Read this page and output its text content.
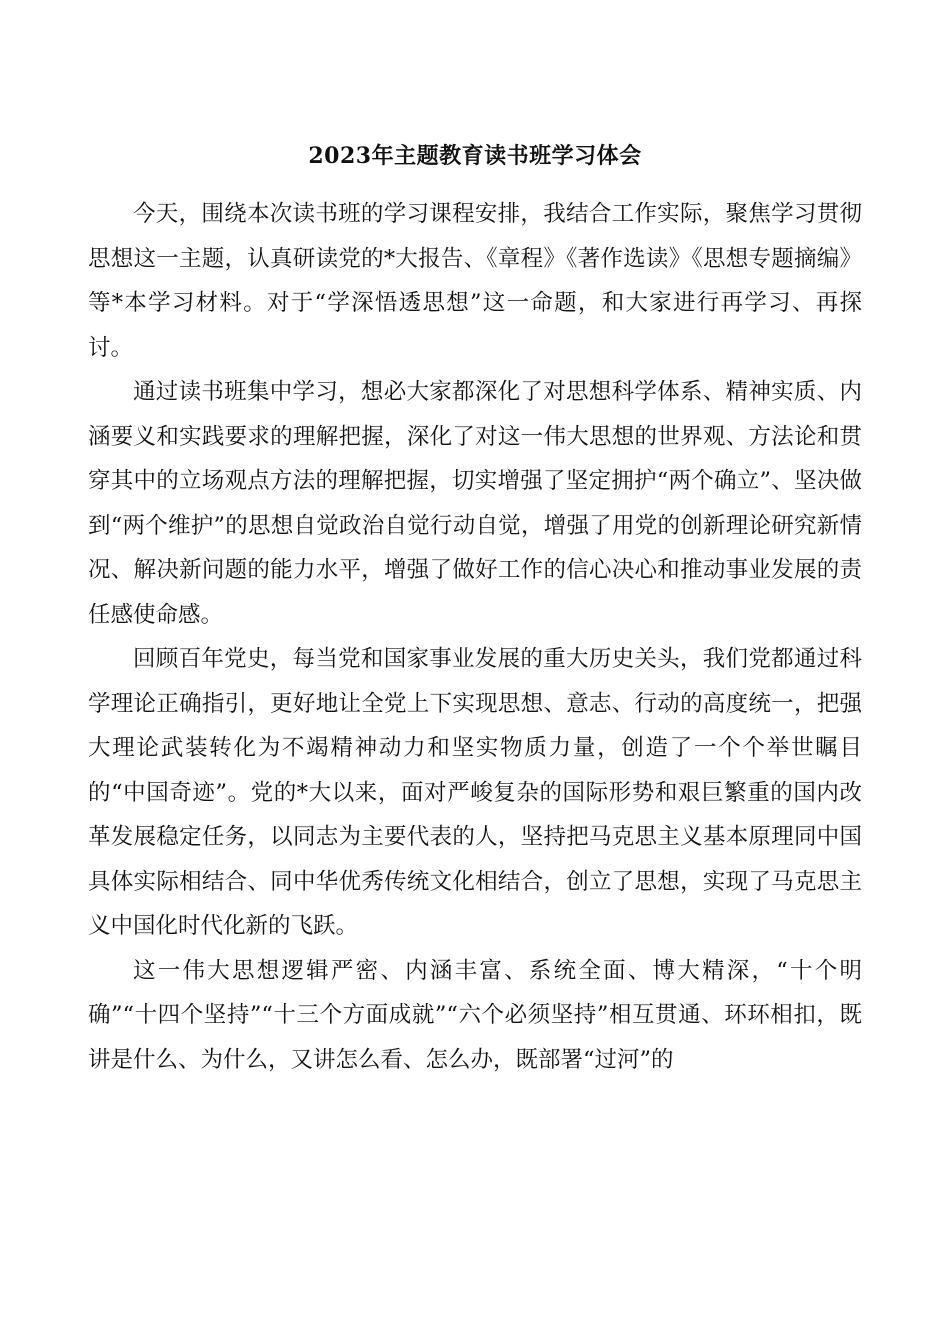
2023年主题教育读书班学习体会

今天，围绕本次读书班的学习课程安排，我结合工作实际，聚焦学习贯彻思想这一主题，认真研读党的*大报告、《章程》《著作选读》《思想专题摘编》等*本学习材料。对于“学深悟透思想”这一命题，和大家进行再学习、再探讨。

通过读书班集中学习，想必大家都深化了对思想科学体系、精神实质、内涵要义和实践要求的理解把握，深化了对这一伟大思想的世界观、方法论和贯穿其中的立场观点方法的理解把握，切实增强了坚定拥护“两个确立”、坚决做到“两个维护”的思想自觉政治自觉行动自觉，增强了用党的创新理论研究新情况、解决新问题的能力水平，增强了做好工作的信心决心和推动事业发展的责任感使命感。

回顾百年党史，每当党和国家事业发展的重大历史关头，我们党都通过科学理论正确指引，更好地让全党上下实现思想、意志、行动的高度统一，把强大理论武装转化为不竭精神动力和坚实物质力量，创造了一个个举世瞩目的“中国奇迹”。党的*大以来，面对严峻复杂的国际形势和艰巨繁重的国内改革发展稳定任务，以同志为主要代表的人，坚持把马克思主义基本原理同中国具体实际相结合、同中华优秀传统文化相结合，创立了思想，实现了马克思主义中国化时代化新的飞跃。

这一伟大思想逻辑严密、内涵丰富、系统全面、博大精深，“十个明确”“十四个坚持”“十三个方面成就”“六个必须坚持”相互贯通、环环相扣，既讲是什么、为什么，又讲怎么看、怎么办，既部署“过河”的
